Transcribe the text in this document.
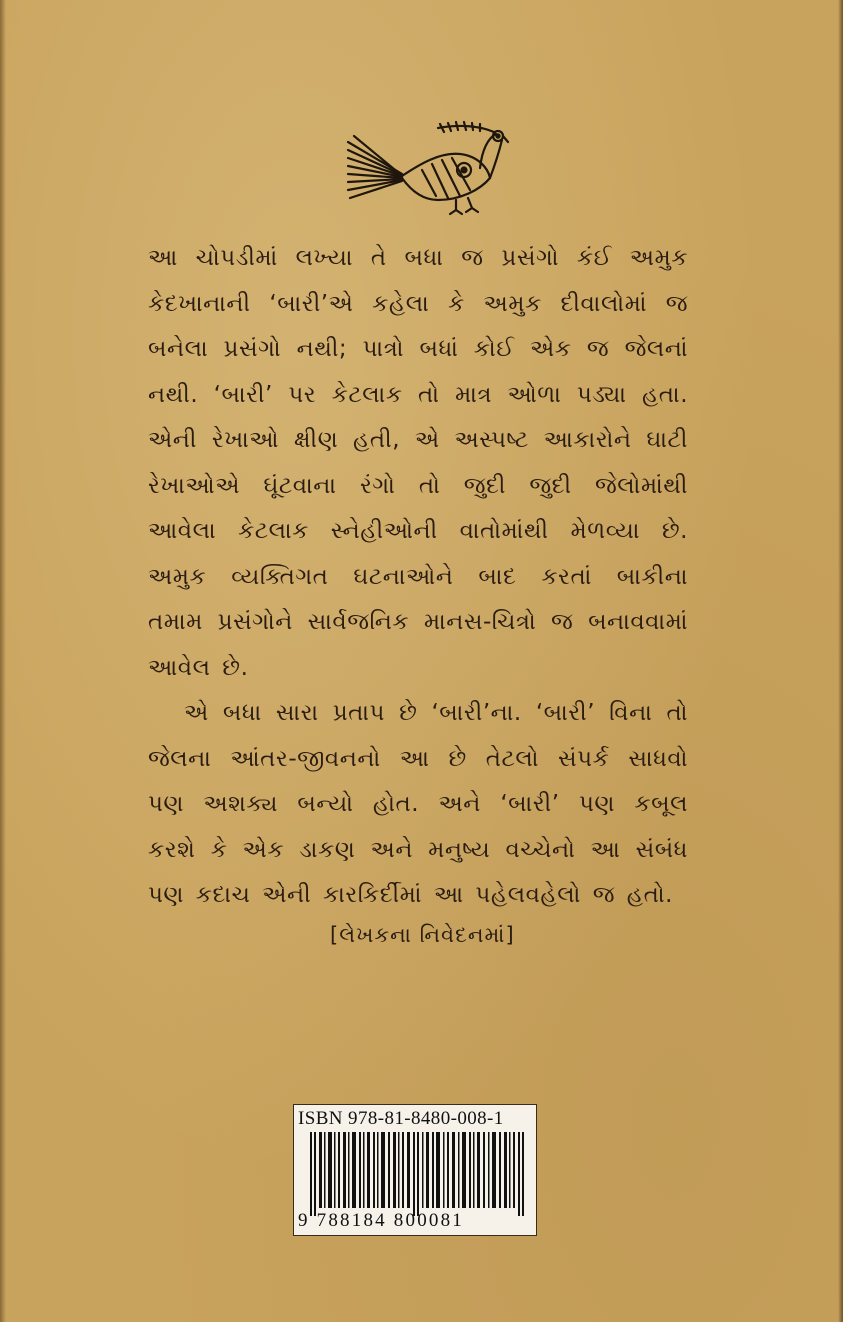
આ ચોપડીમાં લખ્યા તે બધા જ પ્રસંગો કંઈ અમુક કેદખાનાની ‘બારી’એ કહેલા કે અમુક દીવાલોમાં જ બનેલા પ્રસંગો નથી; પાત્રો બધાં કોઈ એક જ જેલનાં નથી. ‘બારી’ પર કેટલાક તો માત્ર ઓળા પડ્યા હતા. એની રેખાઓ ક્ષીણ હતી, એ અસ્પષ્ટ આકારોને ઘાટી રેખાઓએ ઘૂંટવાના રંગો તો જુદી જુદી જેલોમાંથી આવેલા કેટલાક સ્નેહીઓની વાતોમાંથી મેળવ્યા છે. અમુક વ્યક્તિગત ઘટનાઓને બાદ કરતાં બાકીના તમામ પ્રસંગોને સાર્વજનિક માનસ-ચિત્રો જ બનાવવામાં આવેલ છે.

એ બધા સારા પ્રતાપ છે ‘બારી’ના. ‘બારી’ વિના તો જેલના આંતર-જીવનનો આ છે તેટલો સંપર્ક સાધવો પણ અશક્ય બન્યો હોત. અને ‘બારી’ પણ કબૂલ કરશે કે એક ડાકણ અને મનુષ્ય વચ્ચેનો આ સંબંધ પણ કદાચ એની કારકિર્દીમાં આ પહેલવહેલો જ હતો.

[લેખકના નિવેદનમાં]
ISBN 978-81-8480-008-1
9 788184 800081
